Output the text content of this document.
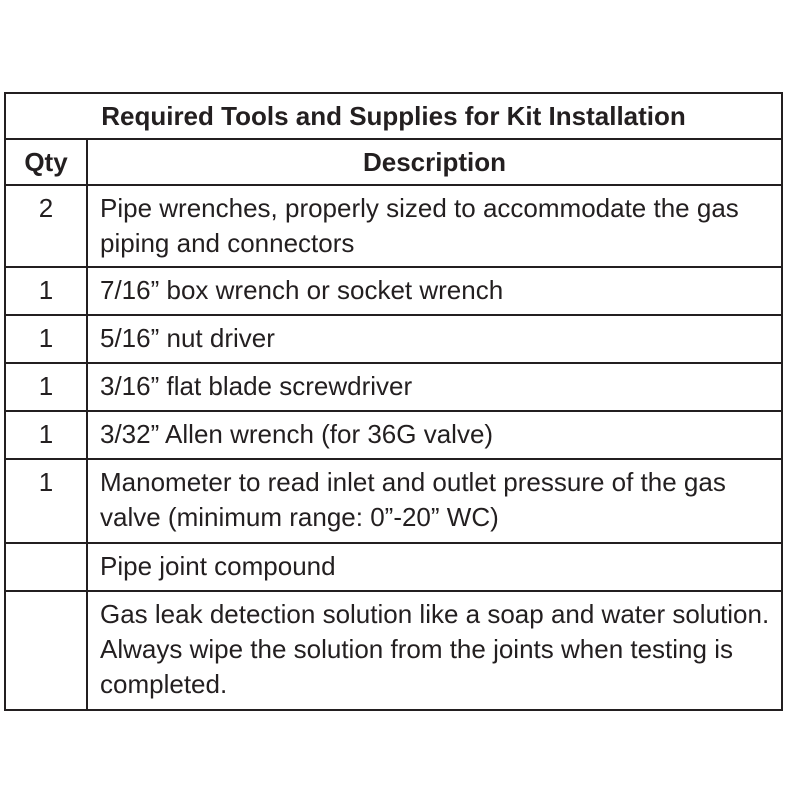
Required Tools and Supplies for Kit Installation	
Qty	Description
2	Pipe wrenches, properly sized to accommodate the gas piping and connectors
1	7/16” box wrench or socket wrench
1	5/16” nut driver
1	3/16” flat blade screwdriver
1	3/32” Allen wrench (for 36G valve)
1	Manometer to read inlet and outlet pressure of the gas valve (minimum range: 0”-20” WC)
	Pipe joint compound
	Gas leak detection solution like a soap and water solution. Always wipe the solution from the joints when testing is completed.
